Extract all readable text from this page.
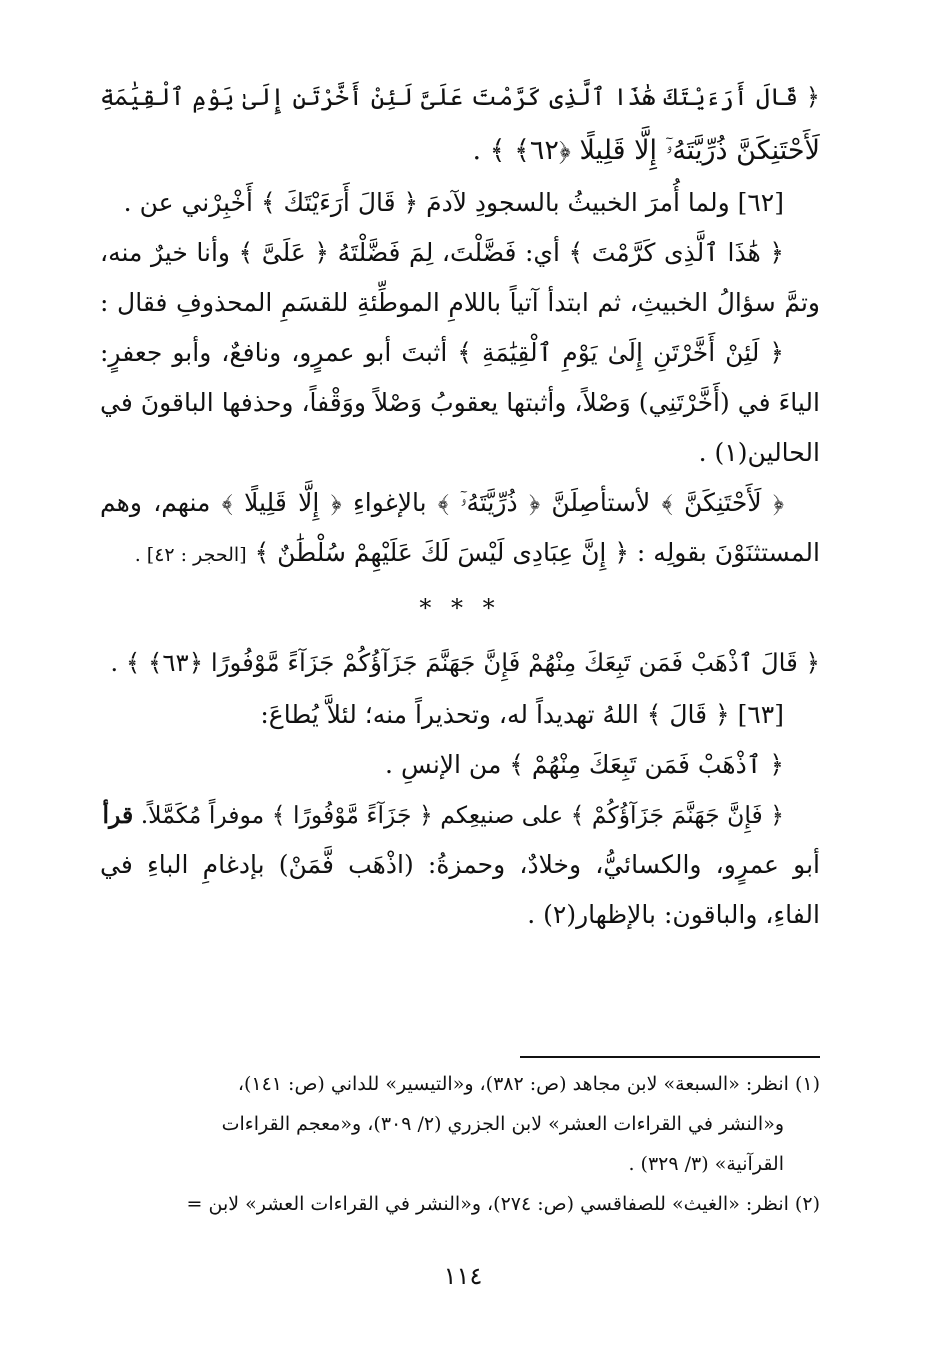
﴿ قَالَ أَرَءَيْتَكَ هَٰذَا ٱلَّذِى كَرَّمْتَ عَلَىَّ لَئِنْ أَخَّرْتَنِ إِلَىٰ يَوْمِ ٱلْقِيَٰمَةِ
لَأَحْتَنِكَنَّ ذُرِّيَّتَهُۥٓ إِلَّا قَلِيلًا ﴿٦٢﴾ ﴾ .
[٦٢] ولما أُمرَ الخبيثُ بالسجودِ لآدمَ ﴿ قَالَ أَرَءَيْتَكَ ﴾ أَخْبِرْني عن .
﴿ هَٰذَا ٱلَّذِى كَرَّمْتَ ﴾ أي: فَضَّلْتَ، لِمَ فَضَّلْتَهُ ﴿ عَلَىَّ ﴾ وأنا خيرٌ منه،
وتمَّ سؤالُ الخبيثِ، ثم ابتدأ آتياً باللامِ الموطِّئةِ للقسَمِ المحذوفِ فقال :
﴿ لَئِنْ أَخَّرْتَنِ إِلَىٰ يَوْمِ ٱلْقِيَٰمَةِ ﴾ أثبتَ أبو عمرٍو، ونافعٌ، وأبو جعفرٍ:
الياءَ في (أَخَّرْتَنِي) وَصْلاً، وأثبتها يعقوبُ وَصْلاً ووَقْفاً، وحذفها الباقونَ في
الحالين(١) .
﴿ لَأَحْتَنِكَنَّ ﴾ لأستأصِلَنَّ ﴿ ذُرِّيَّتَهُۥٓ ﴾ بالإغواءِ ﴿ إِلَّا قَلِيلًا ﴾ منهم، وهم
المستثنَوْنَ بقولِه : ﴿ إِنَّ عِبَادِى لَيْسَ لَكَ عَلَيْهِمْ سُلْطَٰنٌ ﴾ [الحجر : ٤٢] .
* * *
﴿ قَالَ ٱذْهَبْ فَمَن تَبِعَكَ مِنْهُمْ فَإِنَّ جَهَنَّمَ جَزَآؤُكُمْ جَزَآءً مَّوْفُورًا ﴿٦٣﴾ ﴾ .
[٦٣] ﴿ قَالَ ﴾ اللهُ تهديداً له، وتحذيراً منه؛ لئلاَّ يُطاعَ:
﴿ ٱذْهَبْ فَمَن تَبِعَكَ مِنْهُمْ ﴾ من الإنسِ .
﴿ فَإِنَّ جَهَنَّمَ جَزَآؤُكُمْ ﴾ على صنيعِكم ﴿ جَزَآءً مَّوْفُورًا ﴾ موفراً مُكَمَّلاً. قرأ
أبو عمرٍو، والكسائيُّ، وخلادٌ، وحمزةُ: (اذْهَب فَّمَنْ) بإدغامِ الباءِ في
الفاءِ، والباقون: بالإظهار(٢) .
(١) انظر: «السبعة» لابن مجاهد (ص: ٣٨٢)، و«التيسير» للداني (ص: ١٤١)،
و«النشر في القراءات العشر» لابن الجزري (٢/ ٣٠٩)، و«معجم القراءات
القرآنية» (٣/ ٣٢٩) .
(٢) انظر: «الغيث» للصفاقسي (ص: ٢٧٤)، و«النشر في القراءات العشر» لابن =
١١٤
